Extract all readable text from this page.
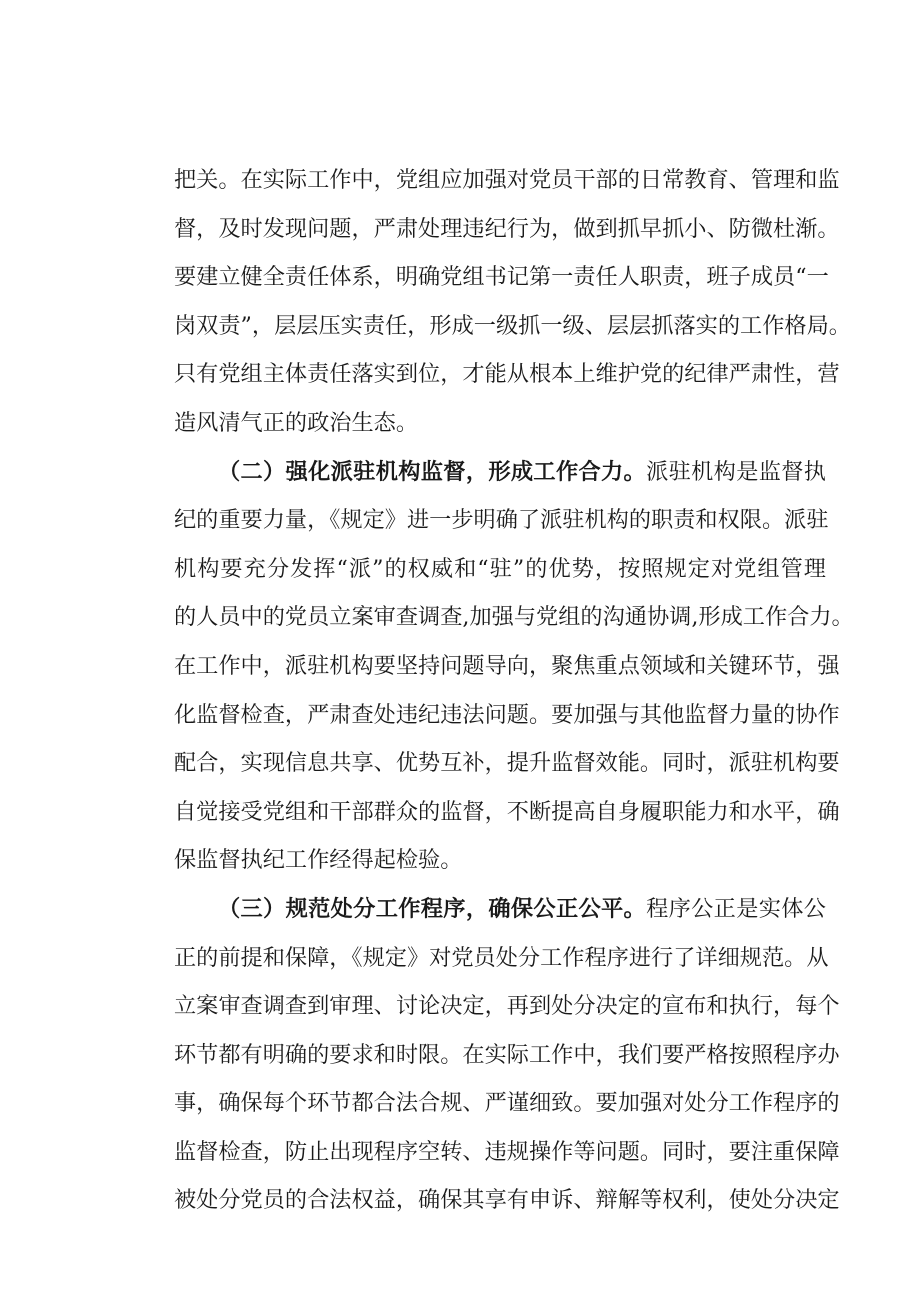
把关。在实际工作中，党组应加强对党员干部的日常教育、管理和监
督，及时发现问题，严肃处理违纪行为，做到抓早抓小、防微杜渐。
要建立健全责任体系，明确党组书记第一责任人职责，班子成员“一
岗双责”，层层压实责任，形成一级抓一级、层层抓落实的工作格局。
只有党组主体责任落实到位，才能从根本上维护党的纪律严肃性，营
造风清气正的政治生态。
（二）强化派驻机构监督，形成工作合力。派驻机构是监督执
纪的重要力量，《规定》进一步明确了派驻机构的职责和权限。派驻
机构要充分发挥“派”的权威和“驻”的优势，按照规定对党组管理
的人员中的党员立案审查调查,加强与党组的沟通协调,形成工作合力。
在工作中，派驻机构要坚持问题导向，聚焦重点领域和关键环节，强
化监督检查，严肃查处违纪违法问题。要加强与其他监督力量的协作
配合，实现信息共享、优势互补，提升监督效能。同时，派驻机构要
自觉接受党组和干部群众的监督，不断提高自身履职能力和水平，确
保监督执纪工作经得起检验。
（三）规范处分工作程序，确保公正公平。程序公正是实体公
正的前提和保障，《规定》对党员处分工作程序进行了详细规范。从
立案审查调查到审理、讨论决定，再到处分决定的宣布和执行，每个
环节都有明确的要求和时限。在实际工作中，我们要严格按照程序办
事，确保每个环节都合法合规、严谨细致。要加强对处分工作程序的
监督检查，防止出现程序空转、违规操作等问题。同时，要注重保障
被处分党员的合法权益，确保其享有申诉、辩解等权利，使处分决定
